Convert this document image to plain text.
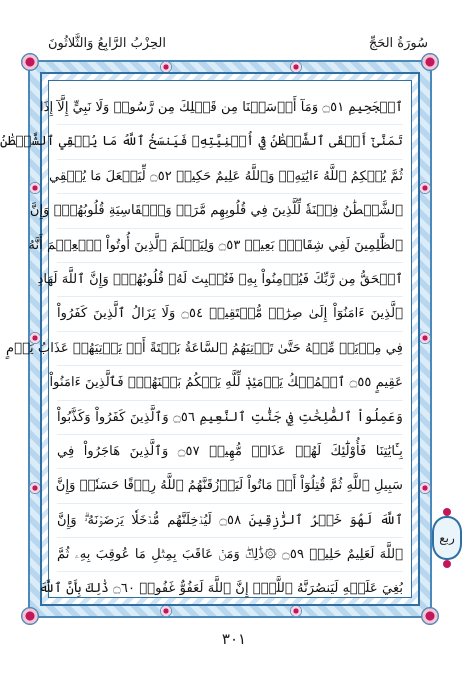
سُورَةُ الحَجِّ
الحِزْبُ الرَّابِعُ وَالثَّلاثُونَ
ٱلۡجَحِيمِ ۝٥١ وَمَآ أَرۡسَلۡنَا مِن قَبۡلِكَ مِن رَّسُولٖ وَلَا نَبِيٍّ إِلَّآ إِذَا
تَمَنَّىٰٓ أَلۡقَى ٱلشَّيۡطَٰنُ فِيٓ أُمۡنِيَّتِهِۦ فَيَنسَخُ ٱللَّهُ مَا يُلۡقِي ٱلشَّيۡطَٰنُ
ثُمَّ يُحۡكِمُ ٱللَّهُ ءَايَٰتِهِۦۗ وَٱللَّهُ عَلِيمٌ حَكِيمٞ ۝٥٢ لِّيَجۡعَلَ مَا يُلۡقِي
ٱلشَّيۡطَٰنُ فِتۡنَةٗ لِّلَّذِينَ فِي قُلُوبِهِم مَّرَضٞ وَٱلۡقَاسِيَةِ قُلُوبُهُمۡۗ وَإِنَّ
ٱلظَّٰلِمِينَ لَفِي شِقَاقِۭ بَعِيدٖ ۝٥٣ وَلِيَعۡلَمَ ٱلَّذِينَ أُوتُواْ ٱلۡعِلۡمَ أَنَّهُ
ٱلۡحَقُّ مِن رَّبِّكَ فَيُؤۡمِنُواْ بِهِۦ فَتُخۡبِتَ لَهُۥ قُلُوبُهُمۡۗ وَإِنَّ ٱللَّهَ لَهَادِ
ٱلَّذِينَ ءَامَنُوٓاْ إِلَىٰ صِرَٰطٖ مُّسۡتَقِيمٖ ۝٥٤ وَلَا يَزَالُ ٱلَّذِينَ كَفَرُواْ
فِي مِرۡيَةٖ مِّنۡهُ حَتَّىٰ تَأۡتِيَهُمُ ٱلسَّاعَةُ بَغۡتَةً أَوۡ يَأۡتِيَهُمۡ عَذَابُ يَوۡمٍ
عَقِيمٍ ۝٥٥ ٱلۡمُلۡكُ يَوۡمَئِذٖ لِّلَّهِ يَحۡكُمُ بَيۡنَهُمۡۚ فَٱلَّذِينَ ءَامَنُواْ
وَعَمِلُواْ ٱلصَّٰلِحَٰتِ فِي جَنَّٰتِ ٱلنَّعِيمِ ۝٥٦ وَٱلَّذِينَ كَفَرُواْ وَكَذَّبُواْ
بِـَٔايَٰتِنَا فَأُوْلَٰٓئِكَ لَهُمۡ عَذَابٞ مُّهِينٞ ۝٥٧ وَٱلَّذِينَ هَاجَرُواْ فِي
سَبِيلِ ٱللَّهِ ثُمَّ قُتِلُوٓاْ أَوۡ مَاتُواْ لَيَرۡزُقَنَّهُمُ ٱللَّهُ رِزۡقًا حَسَنٗاۚ وَإِنَّ
ٱللَّهَ لَهُوَ خَيۡرُ ٱلرَّٰزِقِينَ ۝٥٨ لَيُدۡخِلَنَّهُم مُّدۡخَلٗا يَرۡضَوۡنَهُۥۗ وَإِنَّ
ٱللَّهَ لَعَلِيمٌ حَلِيمٞ ۝٥٩ ۞ذَٰلِكَۖ وَمَنۡ عَاقَبَ بِمِثۡلِ مَا عُوقِبَ بِهِۦ ثُمَّ
بُغِيَ عَلَيۡهِ لَيَنصُرَنَّهُ ٱللَّهُۚ إِنَّ ٱللَّهَ لَعَفُوٌّ غَفُورٞ ۝٦٠ ذَٰلِكَ بِأَنَّ ٱللَّهَ
ربع
٣٠١
